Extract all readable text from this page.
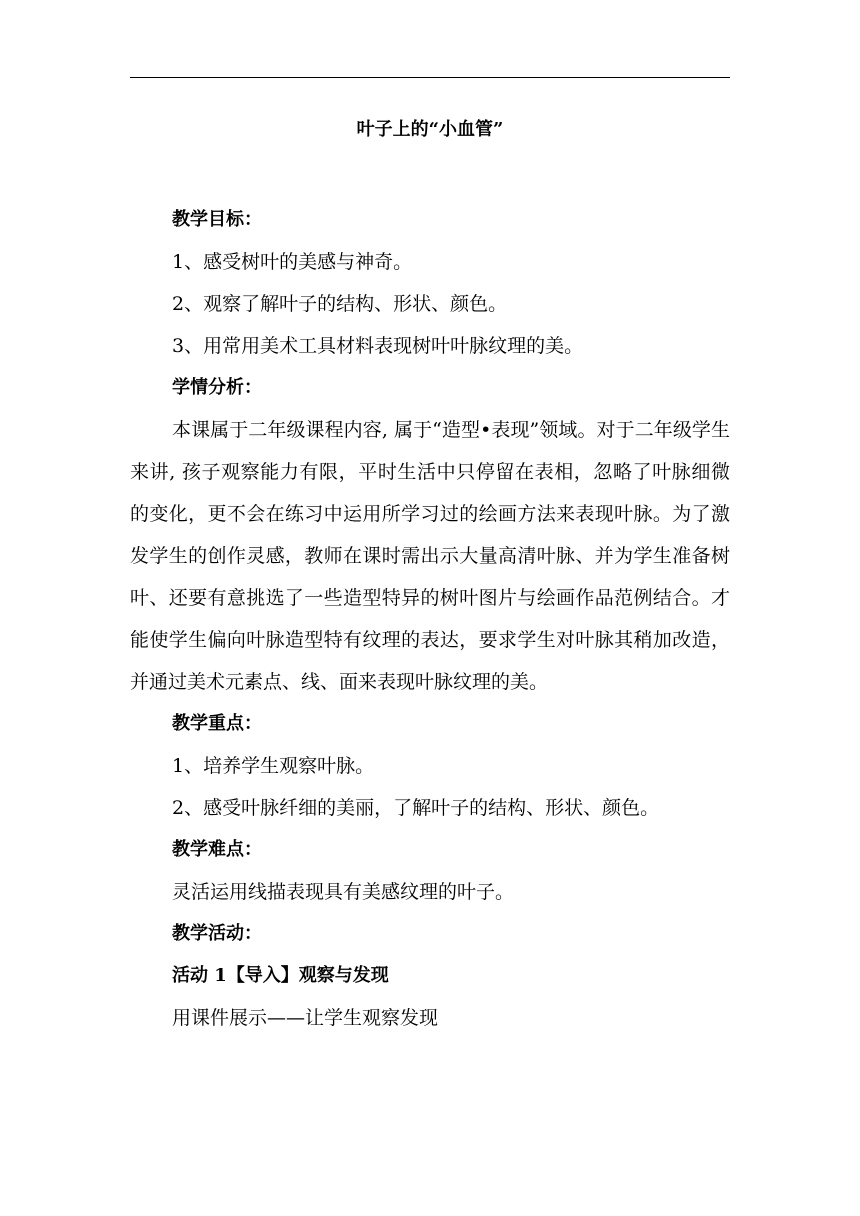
叶子上的“小血管”

教学目标：

1、感受树叶的美感与神奇。

2、观察了解叶子的结构、形状、颜色。

3、用常用美术工具材料表现树叶叶脉纹理的美。

学情分析：

本课属于二年级课程内容, 属于“造型•表现”领域。对于二年级学生来讲, 孩子观察能力有限，平时生活中只停留在表相，忽略了叶脉细微的变化，更不会在练习中运用所学习过的绘画方法来表现叶脉。为了激发学生的创作灵感，教师在课时需出示大量高清叶脉、并为学生准备树叶、还要有意挑选了一些造型特异的树叶图片与绘画作品范例结合。才能使学生偏向叶脉造型特有纹理的表达，要求学生对叶脉其稍加改造，并通过美术元素点、线、面来表现叶脉纹理的美。

教学重点：

1、培养学生观察叶脉。

2、感受叶脉纤细的美丽，了解叶子的结构、形状、颜色。

教学难点：

灵活运用线描表现具有美感纹理的叶子。

教学活动：

活动 1【导入】观察与发现

用课件展示——让学生观察发现
